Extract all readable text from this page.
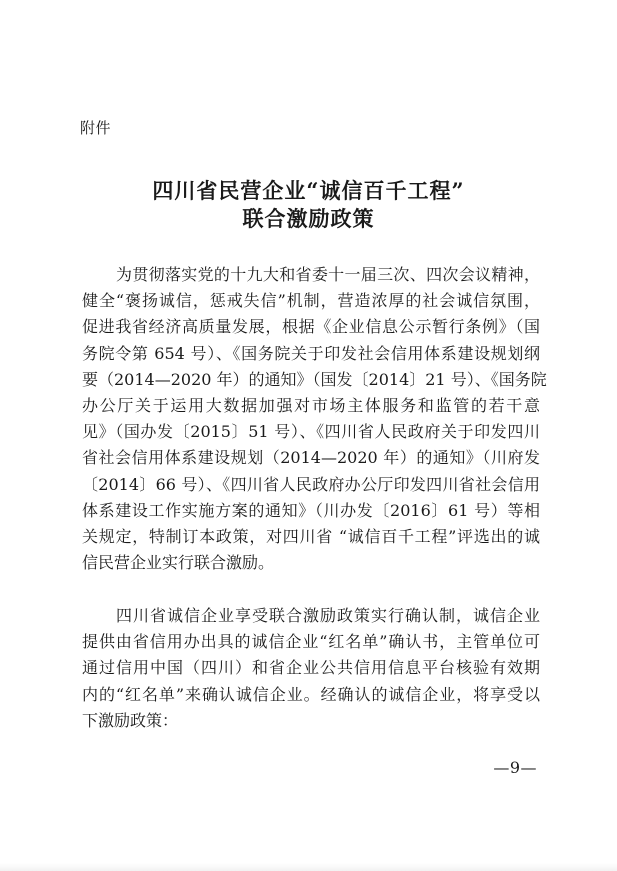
附件
四川省民营企业“诚信百千工程”
联合激励政策
为贯彻落实党的十九大和省委十一届三次、四次会议精神，
健全“褒扬诚信，惩戒失信”机制，营造浓厚的社会诚信氛围，
促进我省经济高质量发展，根据《企业信息公示暂行条例》（国
务院令第 654 号）、《国务院关于印发社会信用体系建设规划纲
要（2014—2020 年）的通知》（国发〔2014〕21 号）、《国务院
办公厅关于运用大数据加强对市场主体服务和监管的若干意
见》（国办发〔2015〕51 号）、《四川省人民政府关于印发四川
省社会信用体系建设规划（2014—2020 年）的通知》（川府发
〔2014〕66 号）、《四川省人民政府办公厅印发四川省社会信用
体系建设工作实施方案的通知》（川办发〔2016〕61 号）等相
关规定，特制订本政策，对四川省 “诚信百千工程”评选出的诚
信民营企业实行联合激励。
四川省诚信企业享受联合激励政策实行确认制，诚信企业
提供由省信用办出具的诚信企业“红名单”确认书，主管单位可
通过信用中国（四川）和省企业公共信用信息平台核验有效期
内的“红名单”来确认诚信企业。经确认的诚信企业，将享受以
下激励政策：
—9—
